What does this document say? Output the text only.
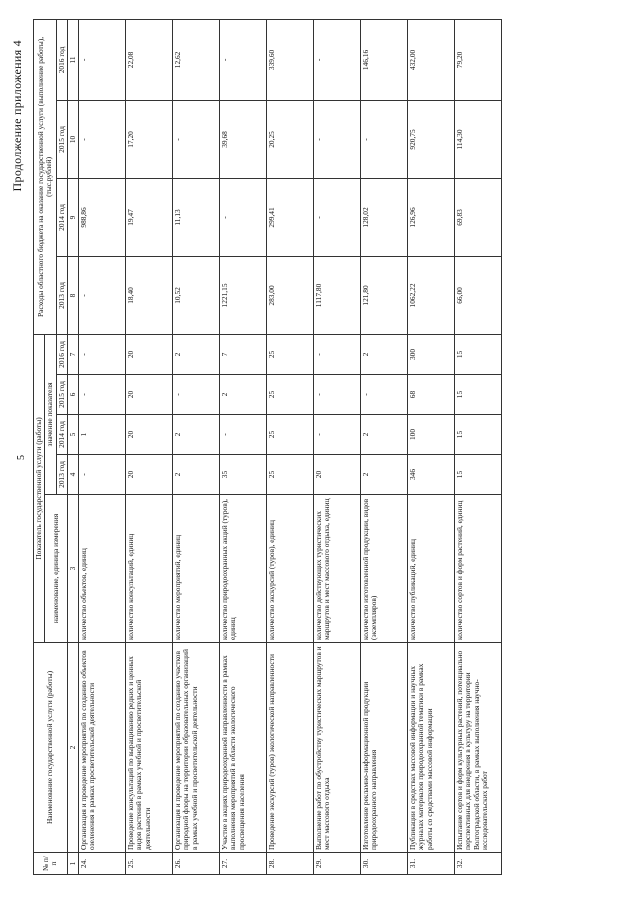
5
Продолжение приложения 4
№ п/п	Наименование государственной услуги (работы)	Показатель государственной услуги (работы)					Расходы областного бюджета на оказание государственной услуги (выполнение работы), (тыс.рублей)			
		наименование, единица измерения	значение показателя							
			2013 год	2014 год	2015 год	2016 год	2013 год	2014 год	2015 год	2016 год
1	2	3	4	5	6	7	8	9	10	11
24.	Организация и проведение мероприятий по созданию объектов озеленения в рамках просветительской деятельности	количество объектов, единиц	-	1	-	-	-	988,86	-	-
25.	Проведение консультаций по выращиванию редких и ценных видов растений в рамках учебной и просветительской деятельности	количество консультаций, единиц	20	20	20	20	18,40	19,47	17,20	22,08
26.	Организация и проведение мероприятий по созданию участков природной флоры на территории образовательных организаций в рамках учебной и просветительской деятельности	количество мероприятий, единиц	2	2	-	2	10,52	11,13	-	12,62
27.	Участие в акциях природоохранной направленности в рамках выполнения мероприятий в области экологического просвещения населения	количество природоохранных акций (туров), единиц	35	-	2	7	1221,15	-	39,68	-
28.	Проведение экскурсий (туров) экологической направленности	количество экскурсий (туров), единиц	25	25	25	25	283,00	299,41	20,25	339,60
29.	Выполнение работ по обустройству туристических маршрутов и мест массового отдыха	количество действующих туристических маршрутов и мест массового отдыха, единиц	20	-	-	-	1117,80	-	-	-
30.	Изготовление рекламно-информационной продукции природоохранного направления	количество изготовленной продукции, видов (экземпляров)	2	2	-	2	121,80	128,02	-	146,16
31.	Публикации в средствах массовой информации и научных журналах материалов природоохранной тематики в рамках работы со средствами массовой информации	количество публикаций, единиц	346	100	68	300	1062,22	126,96	920,75	432,00
32.	Испытание сортов и форм культурных растений, потенциально перспективных для внедрения в культуру на территории Волгоградской области, в рамках выполнения научно-исследовательских работ	количество сортов и форм растений, единиц	15	15	15	15	66,00	69,83	114,30	79,20
